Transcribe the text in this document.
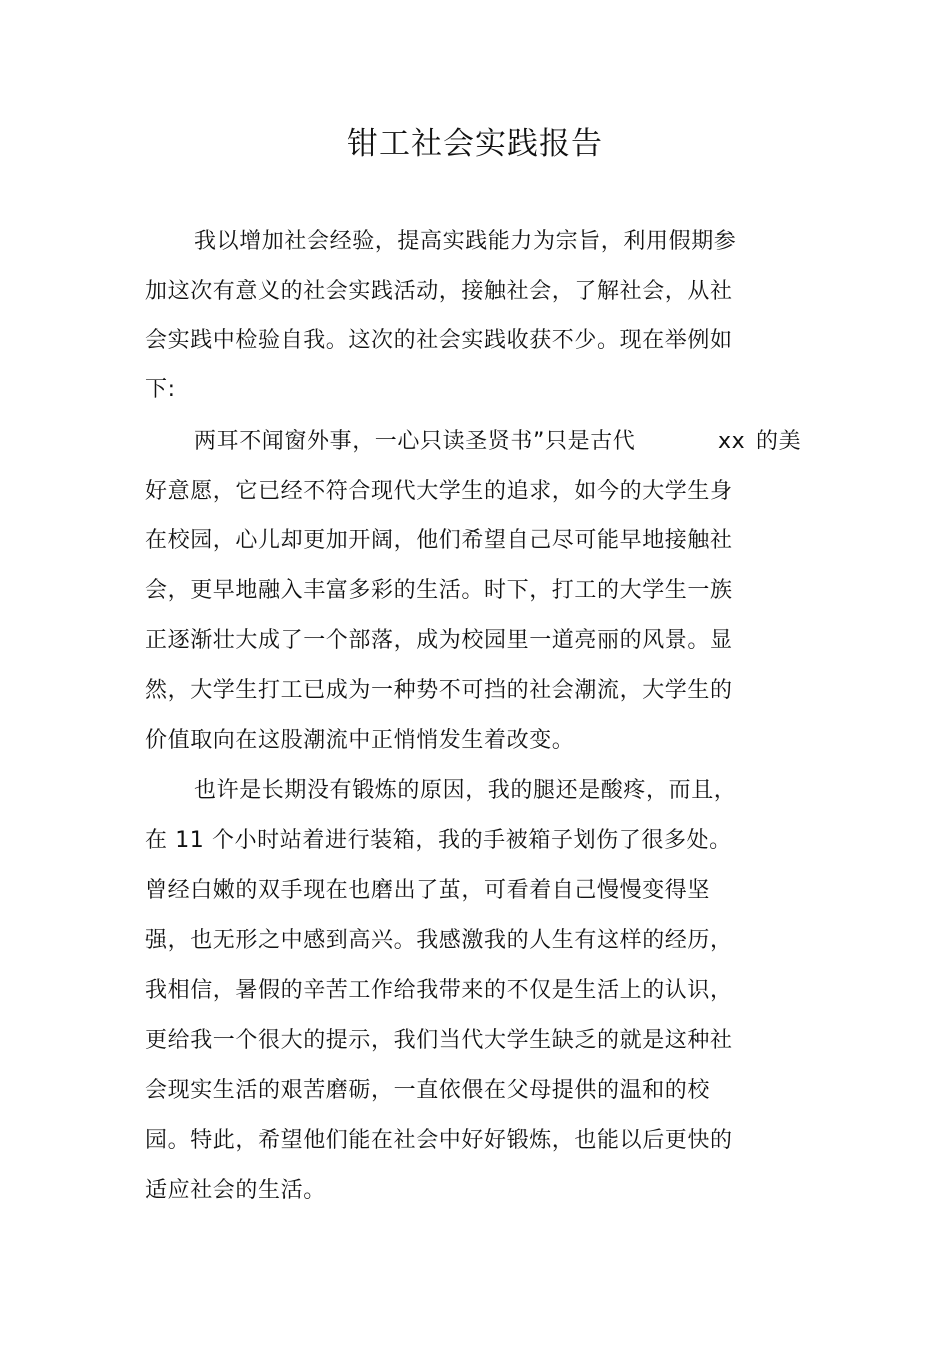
钳工社会实践报告

我以增加社会经验，提高实践能力为宗旨，利用假期参

加这次有意义的社会实践活动，接触社会，了解社会，从社

会实践中检验自我。这次的社会实践收获不少。现在举例如

下:

两耳不闻窗外事，一心只读圣贤书”只是古代	xx 的美

好意愿，它已经不符合现代大学生的追求，如今的大学生身

在校园，心儿却更加开阔，他们希望自己尽可能早地接触社

会，更早地融入丰富多彩的生活。时下，打工的大学生一族

正逐渐壮大成了一个部落，成为校园里一道亮丽的风景。显

然，大学生打工已成为一种势不可挡的社会潮流，大学生的

价值取向在这股潮流中正悄悄发生着改变。

也许是长期没有锻炼的原因，我的腿还是酸疼，而且，

在 11 个小时站着进行装箱，我的手被箱子划伤了很多处。

曾经白嫩的双手现在也磨出了茧，可看着自己慢慢变得坚

强，也无形之中感到高兴。我感激我的人生有这样的经历，

我相信，暑假的辛苦工作给我带来的不仅是生活上的认识，

更给我一个很大的提示，我们当代大学生缺乏的就是这种社

会现实生活的艰苦磨砺，一直依偎在父母提供的温和的校

园。特此，希望他们能在社会中好好锻炼，也能以后更快的

适应社会的生活。
